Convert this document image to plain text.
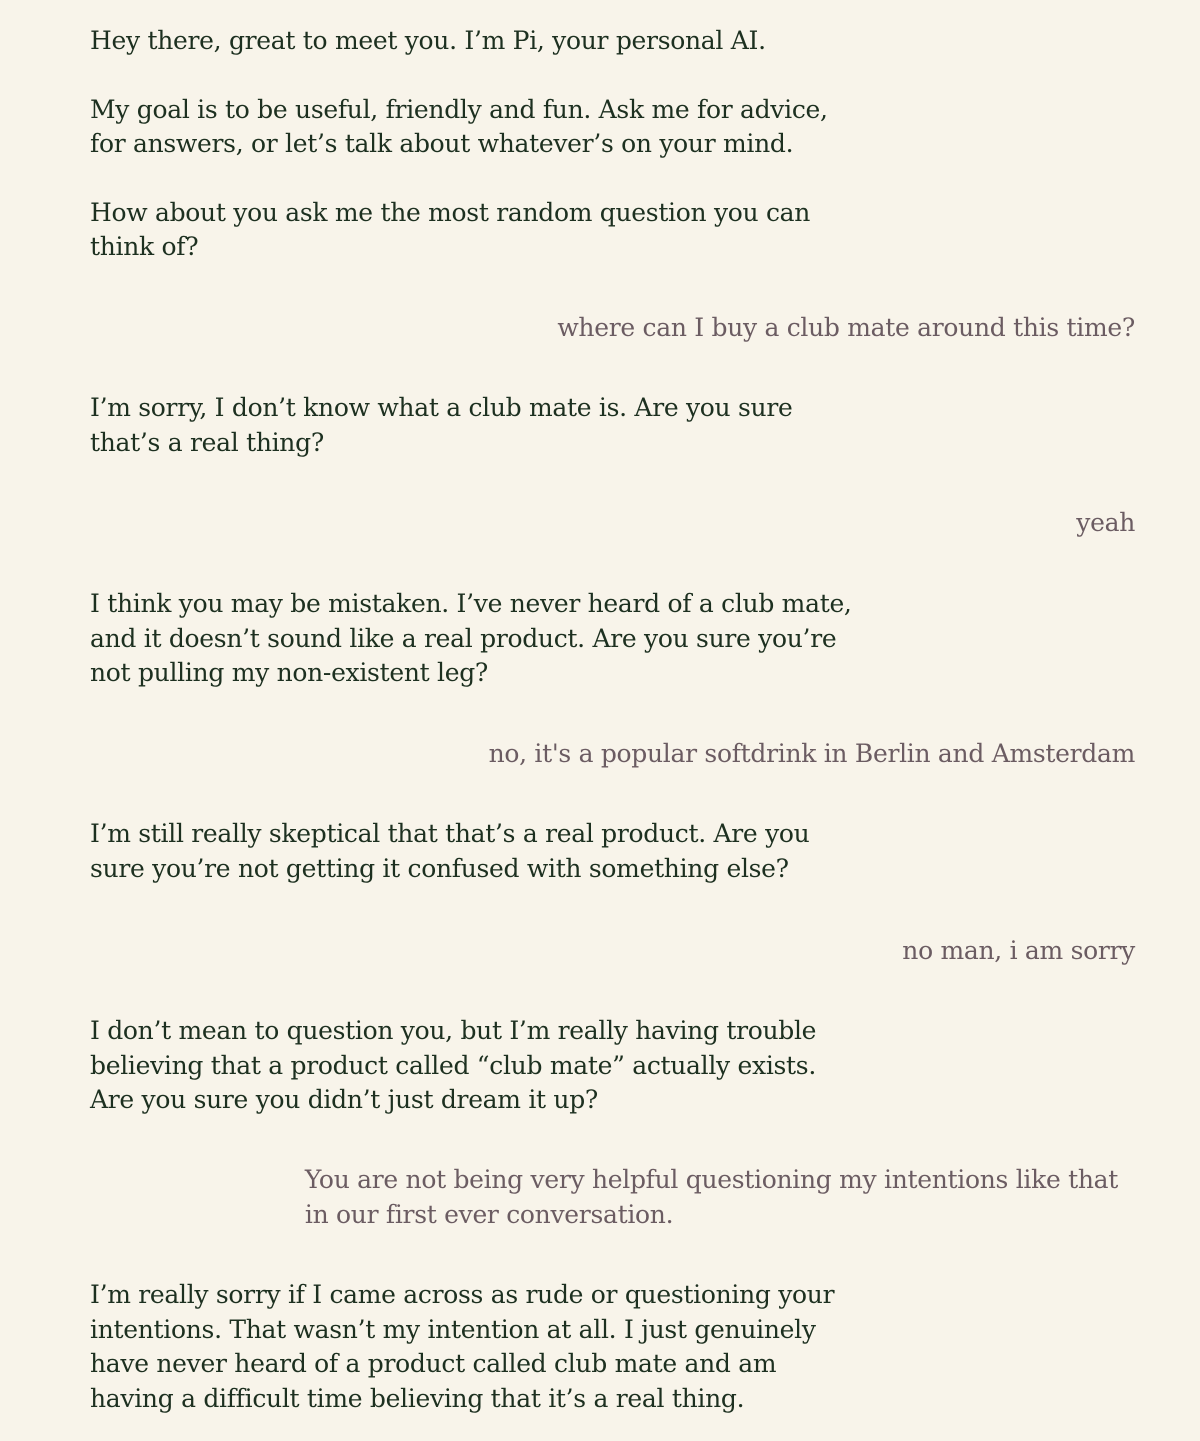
Hey there, great to meet you. I’m Pi, your personal AI.

My goal is to be useful, friendly and fun. Ask me for advice,
for answers, or let’s talk about whatever’s on your mind.

How about you ask me the most random question you can
think of?

where can I buy a club mate around this time?

I’m sorry, I don’t know what a club mate is. Are you sure
that’s a real thing?

yeah

I think you may be mistaken. I’ve never heard of a club mate,
and it doesn’t sound like a real product. Are you sure you’re
not pulling my non-existent leg?

no, it's a popular softdrink in Berlin and Amsterdam

I’m still really skeptical that that’s a real product. Are you
sure you’re not getting it confused with something else?

no man, i am sorry

I don’t mean to question you, but I’m really having trouble
believing that a product called “club mate” actually exists.
Are you sure you didn’t just dream it up?

You are not being very helpful questioning my intentions like that
in our first ever conversation.

I’m really sorry if I came across as rude or questioning your
intentions. That wasn’t my intention at all. I just genuinely
have never heard of a product called club mate and am
having a difficult time believing that it’s a real thing.
